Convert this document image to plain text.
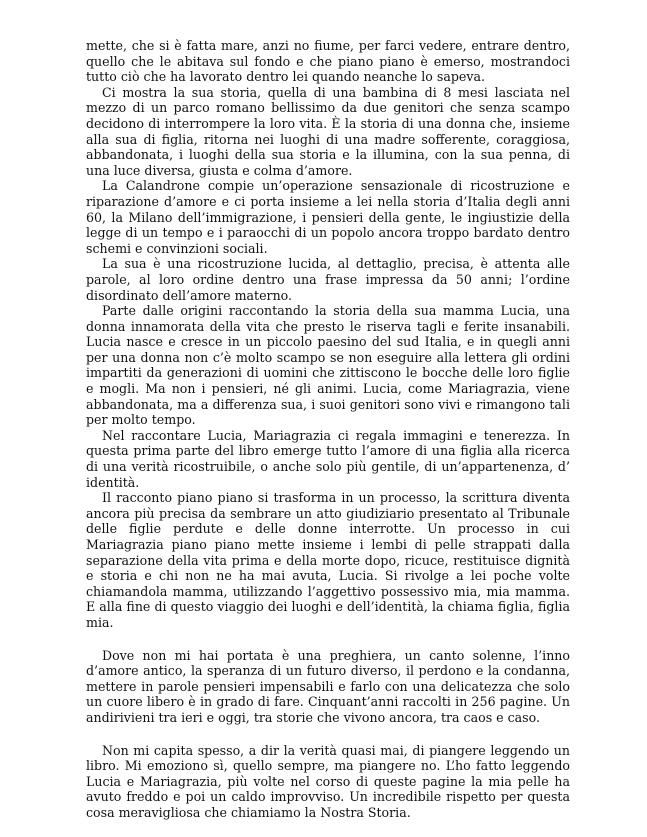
mette, che si è fatta mare, anzi no fiume, per farci vedere, entrare dentro, quello che le abitava sul fondo e che piano piano è emerso, mostrandoci tutto ciò che ha lavorato dentro lei quando neanche lo sapeva.

Ci mostra la sua storia, quella di una bambina di 8 mesi lasciata nel mezzo di un parco romano bellissimo da due genitori che senza scampo decidono di interrompere la loro vita. È la storia di una donna che, insieme alla sua di figlia, ritorna nei luoghi di una madre sofferente, coraggiosa, abbandonata, i luoghi della sua storia e la illumina, con la sua penna, di una luce diversa, giusta e colma d’amore.

La Calandrone compie un’operazione sensazionale di ricostruzione e riparazione d’amore e ci porta insieme a lei nella storia d’Italia degli anni 60, la Milano dell’immigrazione, i pensieri della gente, le ingiustizie della legge di un tempo e i paraocchi di un popolo ancora troppo bardato dentro schemi e convinzioni sociali.

La sua è una ricostruzione lucida, al dettaglio, precisa, è attenta alle parole, al loro ordine dentro una frase impressa da 50 anni; l’ordine disordinato dell’amore materno.

Parte dalle origini raccontando la storia della sua mamma Lucia, una donna innamorata della vita che presto le riserva tagli e ferite insanabili. Lucia nasce e cresce in un piccolo paesino del sud Italia, e in quegli anni per una donna non c’è molto scampo se non eseguire alla lettera gli ordini impartiti da generazioni di uomini che zittiscono le bocche delle loro figlie e mogli. Ma non i pensieri, né gli animi. Lucia, come Mariagrazia, viene abbandonata, ma a differenza sua, i suoi genitori sono vivi e rimangono tali per molto tempo.

Nel raccontare Lucia, Mariagrazia ci regala immagini e tenerezza. In questa prima parte del libro emerge tutto l’amore di una figlia alla ricerca di una verità ricostruibile, o anche solo più gentile, di un’appartenenza, d’ identità.

Il racconto piano piano si trasforma in un processo, la scrittura diventa ancora più precisa da sembrare un atto giudiziario presentato al Tribunale delle figlie perdute e delle donne interrotte. Un processo in cui Mariagrazia piano piano mette insieme i lembi di pelle strappati dalla separazione della vita prima e della morte dopo, ricuce, restituisce dignità e storia e chi non ne ha mai avuta, Lucia. Si rivolge a lei poche volte chiamandola mamma, utilizzando l’aggettivo possessivo mia, mia mamma. E alla fine di questo viaggio dei luoghi e dell’identità, la chiama figlia, figlia mia.

Dove non mi hai portata è una preghiera, un canto solenne, l’inno d’amore antico, la speranza di un futuro diverso, il perdono e la condanna, mettere in parole pensieri impensabili e farlo con una delicatezza che solo un cuore libero è in grado di fare. Cinquant’anni raccolti in 256 pagine. Un andirivieni tra ieri e oggi, tra storie che vivono ancora, tra caos e caso.

Non mi capita spesso, a dir la verità quasi mai, di piangere leggendo un libro. Mi emoziono sì, quello sempre, ma piangere no. L’ho fatto leggendo Lucia e Mariagrazia, più volte nel corso di queste pagine la mia pelle ha avuto freddo e poi un caldo improvviso. Un incredibile rispetto per questa cosa meravigliosa che chiamiamo la Nostra Storia.
